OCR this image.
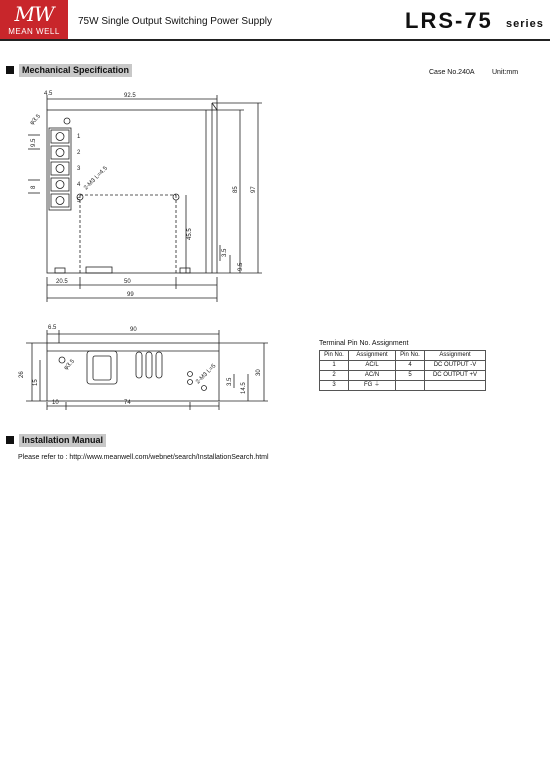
MW
MEAN WELL
75W Single Output Switching Power Supply	LRS-75 series
Mechanical Specification	Case No.240A Unit:mm
1
2
3
4
5
4.5	92.5
85 97
3.5
9.5
45.5
20.5	50
99
9.5
8
φ3.5
2-M3 L=4.5
6.5	90
26
15	3.5
14.5
30
10	74
φ3.5	2-M3 L=5
Terminal Pin No. Assignment
Pin No.	Assignment	Pin No.	Assignment
1	AC/L	4	DC OUTPUT -V
2	AC/N	5	DC OUTPUT +V
3	FG ⏚		
Installation Manual
Please refer to : http://www.meanwell.com/webnet/search/InstallationSearch.html
